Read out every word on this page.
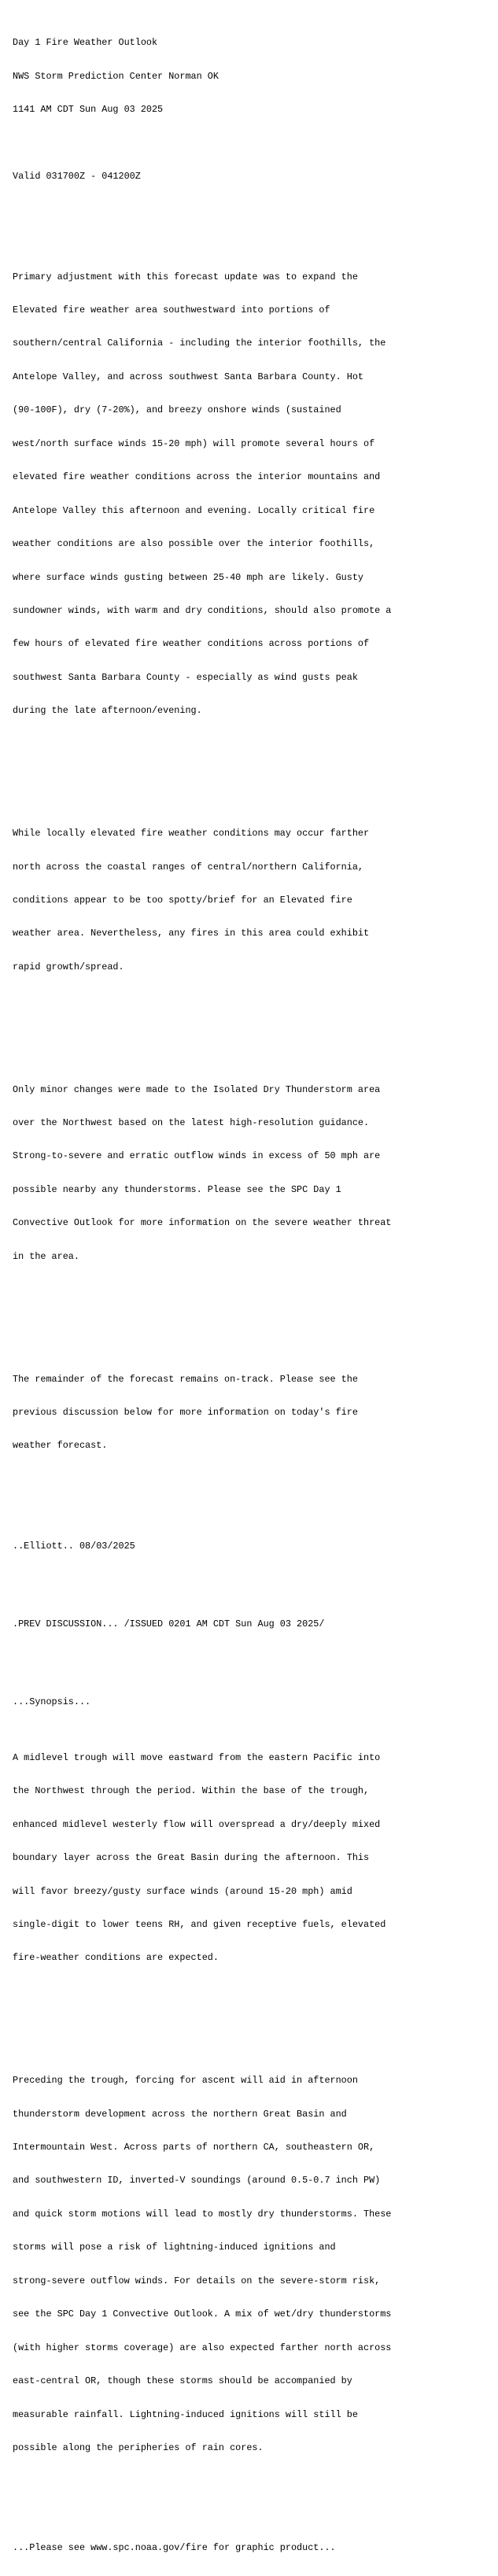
Day 1 Fire Weather Outlook

NWS Storm Prediction Center Norman OK

1141 AM CDT Sun Aug 03 2025

Valid 031700Z - 041200Z

Primary adjustment with this forecast update was to expand the

Elevated fire weather area southwestward into portions of

southern/central California - including the interior foothills, the

Antelope Valley, and across southwest Santa Barbara County. Hot

(90-100F), dry (7-20%), and breezy onshore winds (sustained

west/north surface winds 15-20 mph) will promote several hours of

elevated fire weather conditions across the interior mountains and

Antelope Valley this afternoon and evening. Locally critical fire

weather conditions are also possible over the interior foothills,

where surface winds gusting between 25-40 mph are likely. Gusty

sundowner winds, with warm and dry conditions, should also promote a

few hours of elevated fire weather conditions across portions of

southwest Santa Barbara County - especially as wind gusts peak

during the late afternoon/evening.

While locally elevated fire weather conditions may occur farther

north across the coastal ranges of central/northern California,

conditions appear to be too spotty/brief for an Elevated fire

weather area. Nevertheless, any fires in this area could exhibit

rapid growth/spread.

Only minor changes were made to the Isolated Dry Thunderstorm area

over the Northwest based on the latest high-resolution guidance.

Strong-to-severe and erratic outflow winds in excess of 50 mph are

possible nearby any thunderstorms. Please see the SPC Day 1

Convective Outlook for more information on the severe weather threat

in the area.

The remainder of the forecast remains on-track. Please see the

previous discussion below for more information on today's fire

weather forecast.

..Elliott.. 08/03/2025

.PREV DISCUSSION... /ISSUED 0201 AM CDT Sun Aug 03 2025/

...Synopsis...

A midlevel trough will move eastward from the eastern Pacific into

the Northwest through the period. Within the base of the trough,

enhanced midlevel westerly flow will overspread a dry/deeply mixed

boundary layer across the Great Basin during the afternoon. This

will favor breezy/gusty surface winds (around 15-20 mph) amid

single-digit to lower teens RH, and given receptive fuels, elevated

fire-weather conditions are expected.

Preceding the trough, forcing for ascent will aid in afternoon

thunderstorm development across the northern Great Basin and

Intermountain West. Across parts of northern CA, southeastern OR,

and southwestern ID, inverted-V soundings (around 0.5-0.7 inch PW)

and quick storm motions will lead to mostly dry thunderstorms. These

storms will pose a risk of lightning-induced ignitions and

strong-severe outflow winds. For details on the severe-storm risk,

see the SPC Day 1 Convective Outlook. A mix of wet/dry thunderstorms

(with higher storms coverage) are also expected farther north across

east-central OR, though these storms should be accompanied by

measurable rainfall. Lightning-induced ignitions will still be

possible along the peripheries of rain cores.

...Please see www.spc.noaa.gov/fire for graphic product...
